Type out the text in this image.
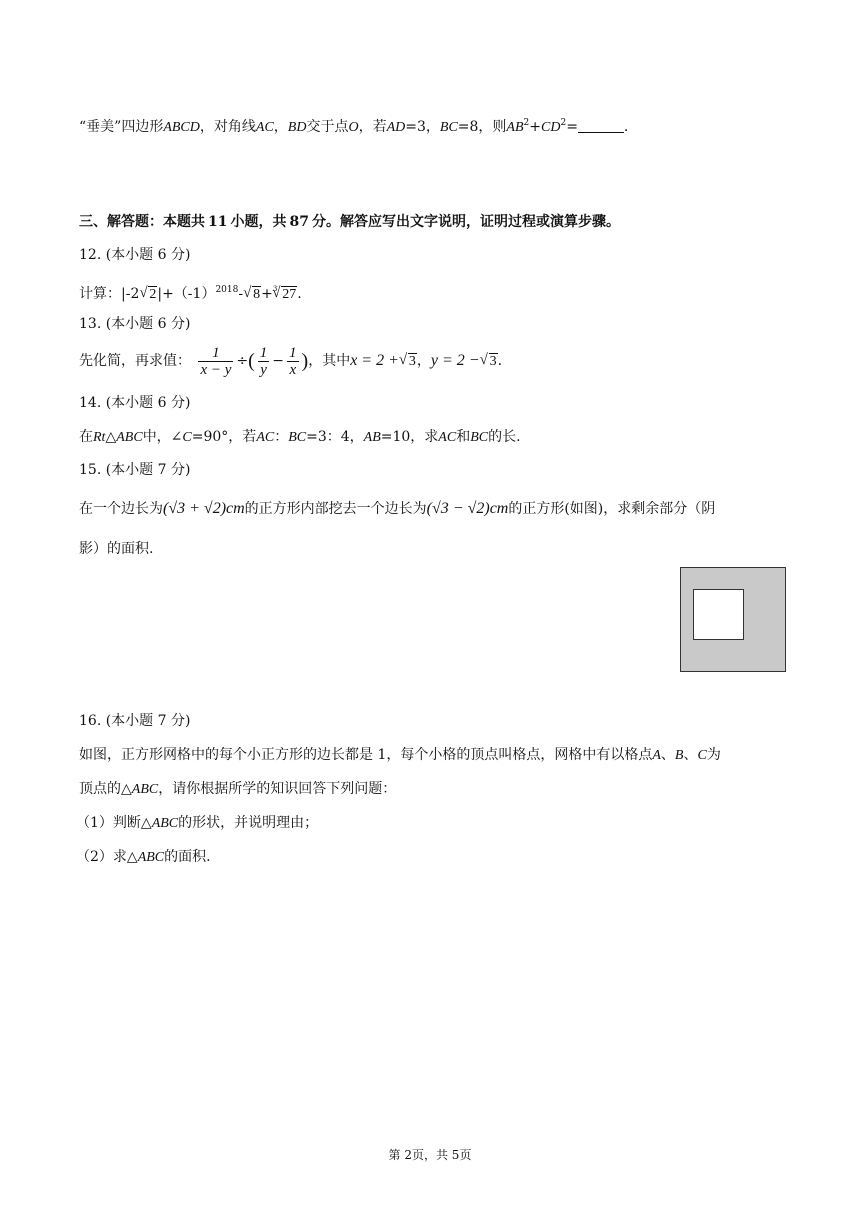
“垂美”四边形ABCD，对角线AC，BD交于点O，若AD=3，BC=8，则$AB^2+CD^2=$	.
三、解答题：本题共 11 小题，共 87 分。解答应写出文字说明，证明过程或演算步骤。
12. (本小题 6 分)
计算：|-2√ $2|+(-1)^{2018}-√$ 8+$^3$√ 27.
13. (本小题 6 分)
先化简，再求值： $\frac{1}{x - y}$ ÷( $\frac{1}{y} - \frac{1}{x}$ )，其中x = 2 +√ 3，y = 2 −√ 3.
14. (本小题 6 分)
在Rt△ABC中，∠C=90°，若AC：BC=3：4，AB=10，求AC和BC的长.
15. (本小题 7 分)
在一个边长为(√3 + √2)cm的正方形内部挖去一个边长为(√3 − √2)cm的正方形(如图)，求剩余部分（阴
影）的面积.
16. (本小题 7 分)
如图，正方形网格中的每个小正方形的边长都是 1，每个小格的顶点叫格点，网格中有以格点A、B、C为
顶点的△ABC，请你根据所学的知识回答下列问题：
（1）判断△ABC的形状，并说明理由；
（2）求△ABC的面积.
第 2页，共 5页
